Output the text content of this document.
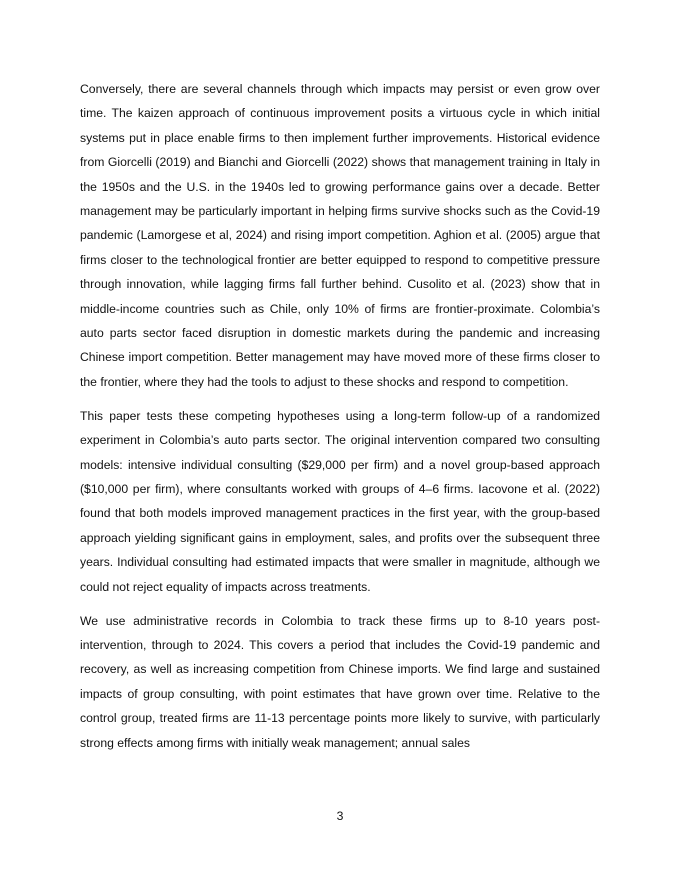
Conversely, there are several channels through which impacts may persist or even grow over time. The kaizen approach of continuous improvement posits a virtuous cycle in which initial systems put in place enable firms to then implement further improvements. Historical evidence from Giorcelli (2019) and Bianchi and Giorcelli (2022) shows that management training in Italy in the 1950s and the U.S. in the 1940s led to growing performance gains over a decade. Better management may be particularly important in helping firms survive shocks such as the Covid-19 pandemic (Lamorgese et al, 2024) and rising import competition. Aghion et al. (2005) argue that firms closer to the technological frontier are better equipped to respond to competitive pressure through innovation, while lagging firms fall further behind. Cusolito et al. (2023) show that in middle-income countries such as Chile, only 10% of firms are frontier-proximate. Colombia’s auto parts sector faced disruption in domestic markets during the pandemic and increasing Chinese import competition. Better management may have moved more of these firms closer to the frontier, where they had the tools to adjust to these shocks and respond to competition.

This paper tests these competing hypotheses using a long-term follow-up of a randomized experiment in Colombia’s auto parts sector. The original intervention compared two consulting models: intensive individual consulting ($29,000 per firm) and a novel group-based approach ($10,000 per firm), where consultants worked with groups of 4–6 firms. Iacovone et al. (2022) found that both models improved management practices in the first year, with the group-based approach yielding significant gains in employment, sales, and profits over the subsequent three years. Individual consulting had estimated impacts that were smaller in magnitude, although we could not reject equality of impacts across treatments.

We use administrative records in Colombia to track these firms up to 8-10 years post-intervention, through to 2024. This covers a period that includes the Covid-19 pandemic and recovery, as well as increasing competition from Chinese imports. We find large and sustained impacts of group consulting, with point estimates that have grown over time. Relative to the control group, treated firms are 11-13 percentage points more likely to survive, with particularly strong effects among firms with initially weak management; annual sales

3
